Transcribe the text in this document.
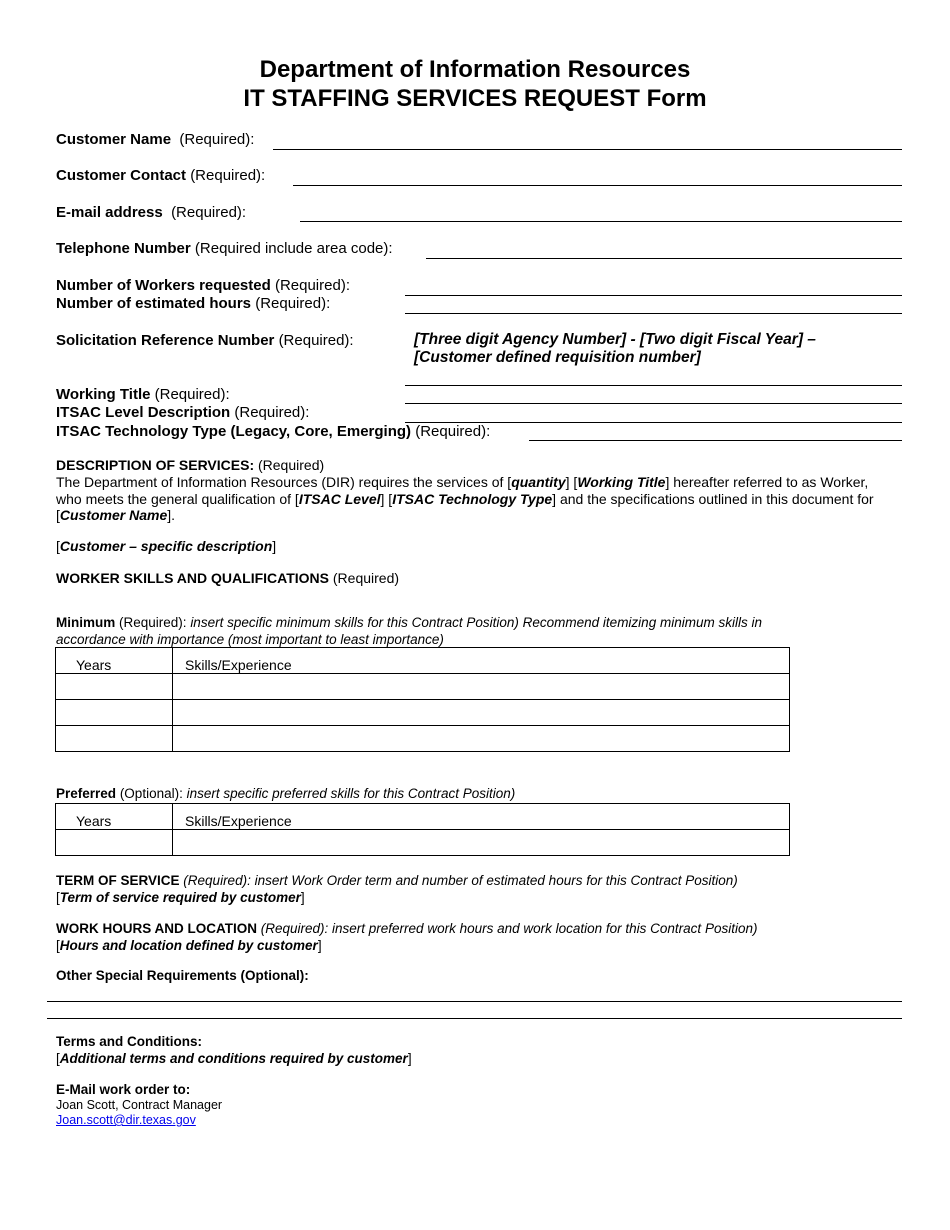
Department of Information Resources
IT STAFFING SERVICES REQUEST Form
Customer Name (Required):
Customer Contact (Required):
E-mail address (Required):
Telephone Number (Required include area code):
Number of Workers requested (Required):
Number of estimated hours (Required):
Solicitation Reference Number (Required):	[Three digit Agency Number] - [Two digit Fiscal Year] –
[Customer defined requisition number]
Working Title (Required):
ITSAC Level Description (Required):
ITSAC Technology Type (Legacy, Core, Emerging) (Required):
DESCRIPTION OF SERVICES: (Required)
The Department of Information Resources (DIR) requires the services of [quantity] [Working Title] hereafter referred to as Worker,
who meets the general qualification of [ITSAC Level] [ITSAC Technology Type] and the specifications outlined in this document for
[Customer Name].
[Customer – specific description]
WORKER SKILLS AND QUALIFICATIONS (Required)
Minimum (Required): insert specific minimum skills for this Contract Position) Recommend itemizing minimum skills in
accordance with importance (most important to least importance)
Years	Skills/Experience

Preferred (Optional): insert specific preferred skills for this Contract Position)
Years	Skills/Experience

TERM OF SERVICE (Required): insert Work Order term and number of estimated hours for this Contract Position)
[Term of service required by customer]
WORK HOURS AND LOCATION (Required): insert preferred work hours and work location for this Contract Position)
[Hours and location defined by customer]
Other Special Requirements (Optional):
Terms and Conditions:
[Additional terms and conditions required by customer]
E-Mail work order to:
Joan Scott, Contract Manager
Joan.scott@dir.texas.gov
